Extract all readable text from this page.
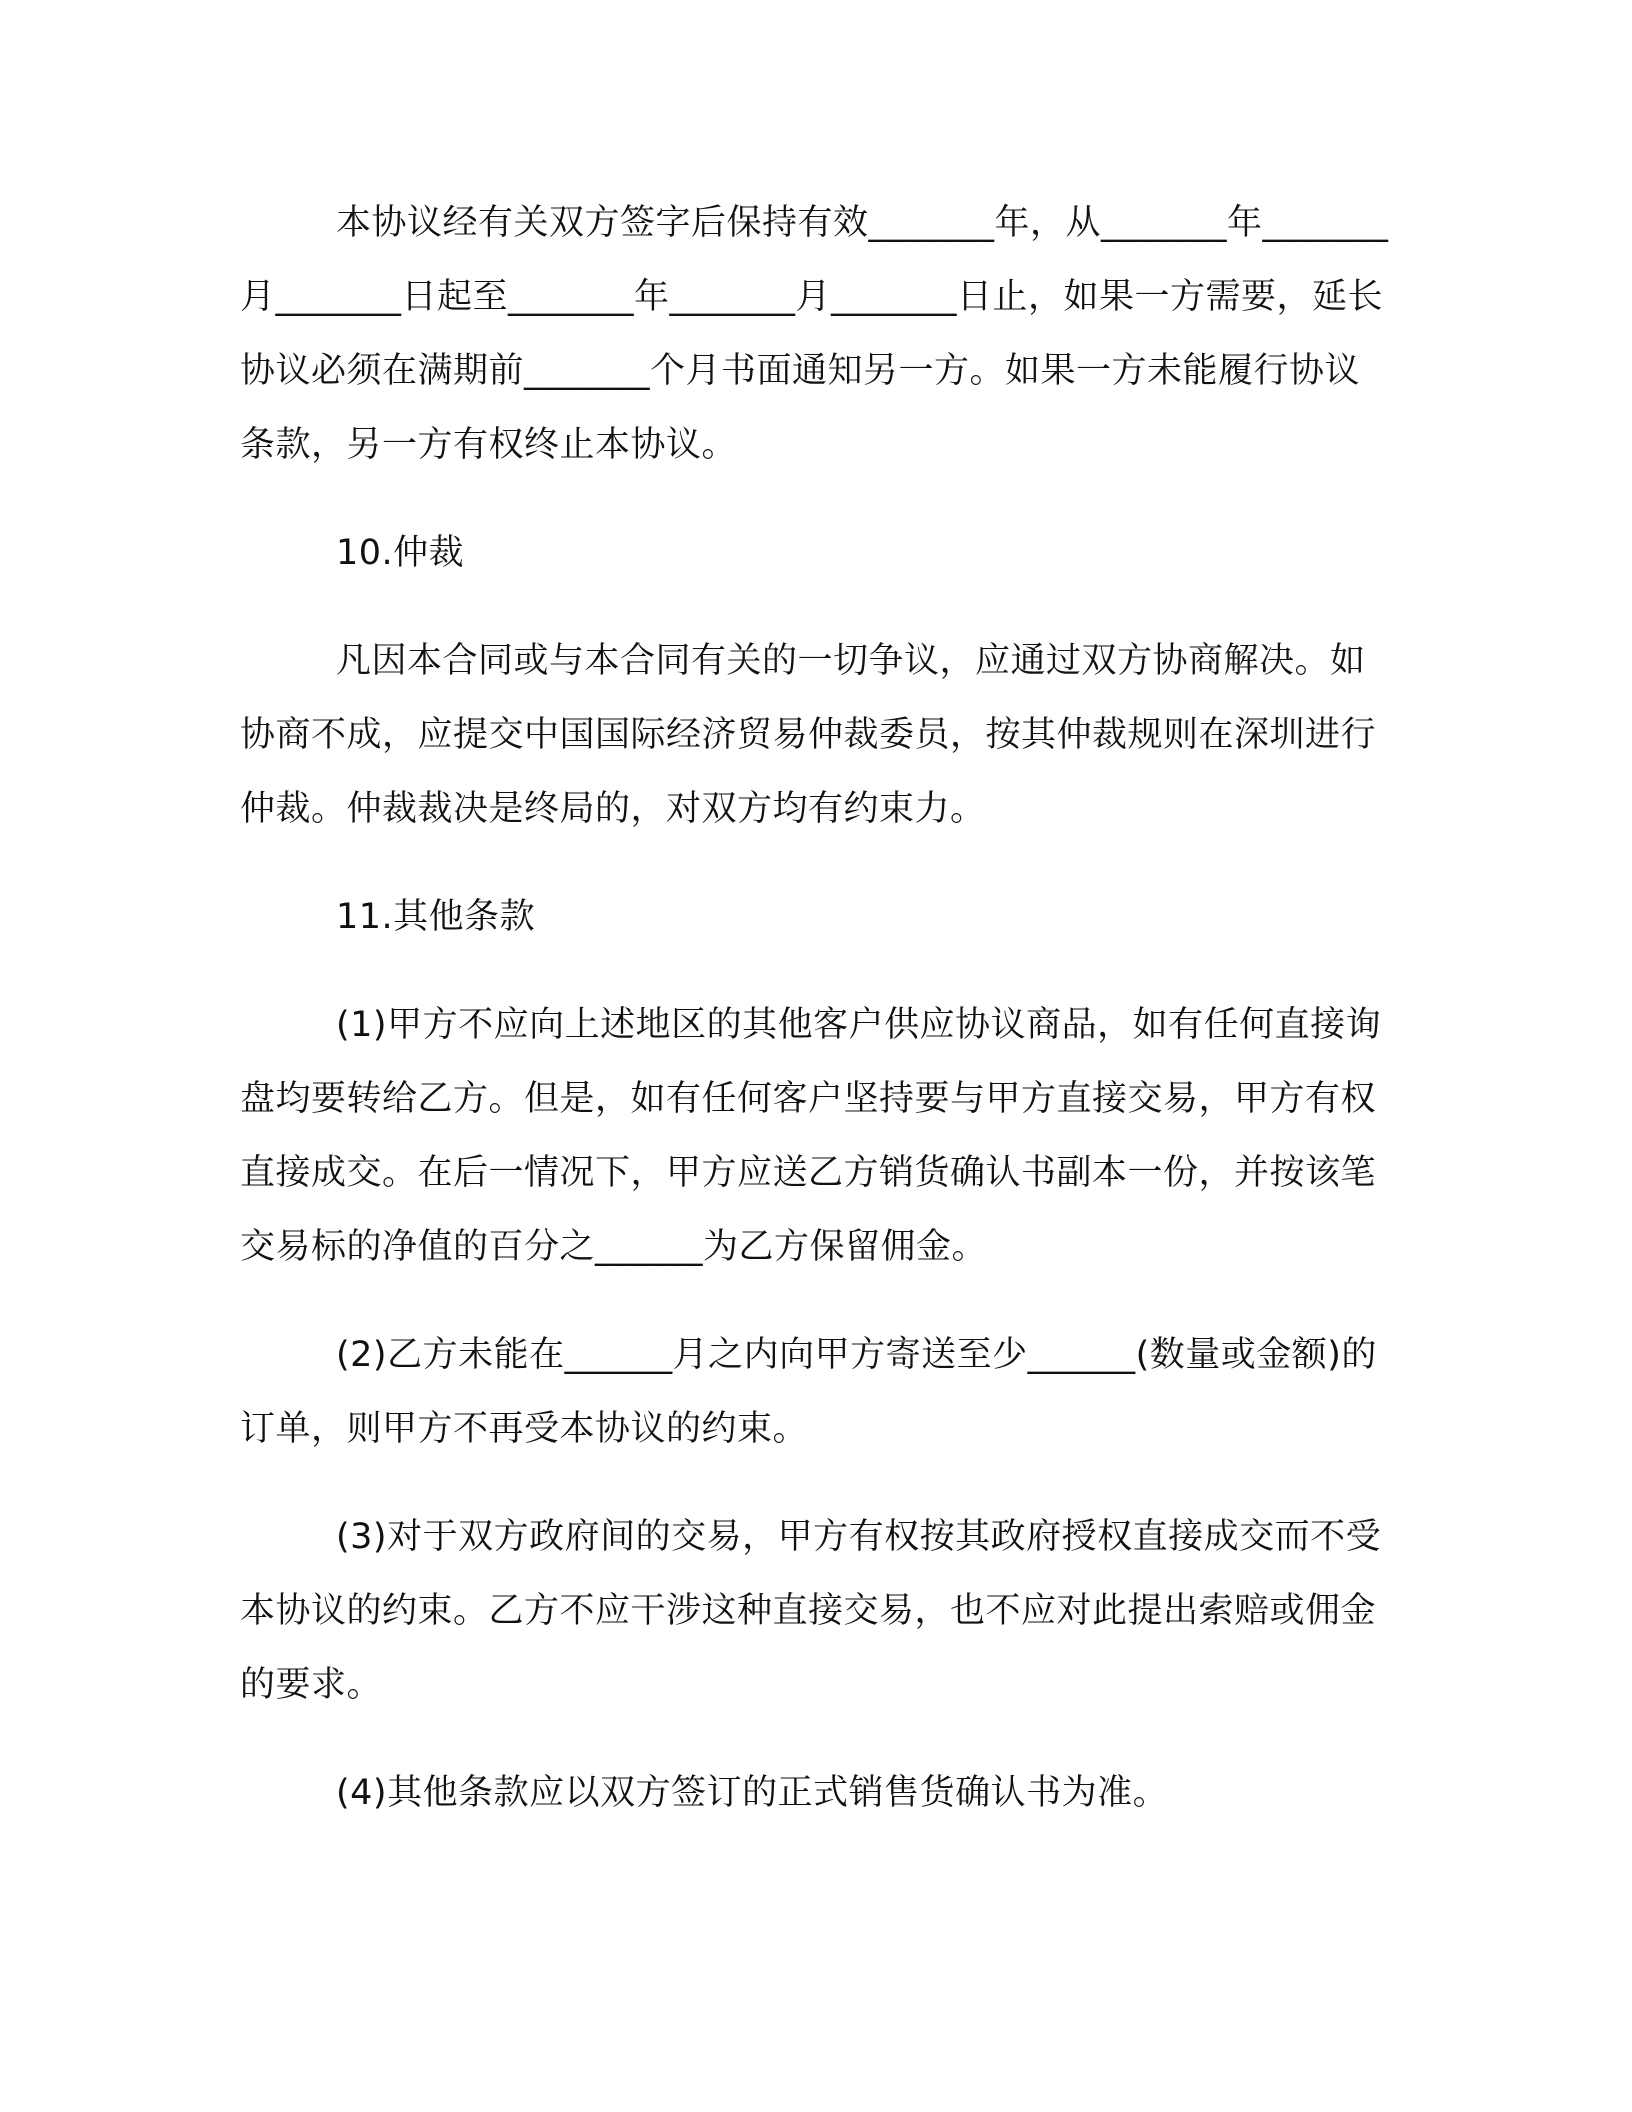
本协议经有关双方签字后保持有效_______年，从_______年_______月_______日起至_______年_______月_______日止，如果一方需要，延长协议必须在满期前_______个月书面通知另一方。如果一方未能履行协议条款，另一方有权终止本协议。

10.仲裁

凡因本合同或与本合同有关的一切争议，应通过双方协商解决。如协商不成，应提交中国国际经济贸易仲裁委员，按其仲裁规则在深圳进行仲裁。仲裁裁决是终局的，对双方均有约束力。

11.其他条款

(1)甲方不应向上述地区的其他客户供应协议商品，如有任何直接询盘均要转给乙方。但是，如有任何客户坚持要与甲方直接交易，甲方有权直接成交。在后一情况下，甲方应送乙方销货确认书副本一份，并按该笔交易标的净值的百分之______为乙方保留佣金。

(2)乙方未能在______月之内向甲方寄送至少______(数量或金额)的订单，则甲方不再受本协议的约束。

(3)对于双方政府间的交易，甲方有权按其政府授权直接成交而不受本协议的约束。乙方不应干涉这种直接交易，也不应对此提出索赔或佣金的要求。

(4)其他条款应以双方签订的正式销售货确认书为准。
